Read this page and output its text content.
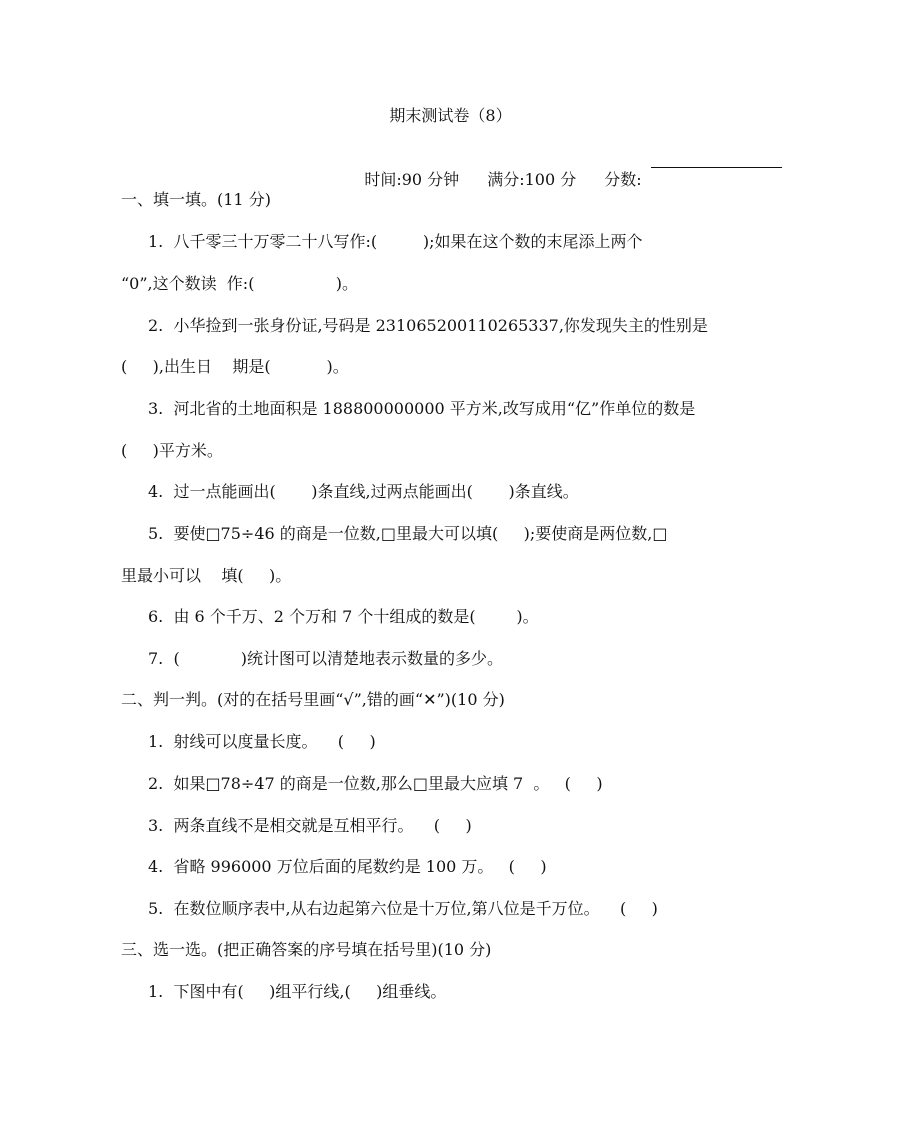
期末测试卷（8）

时间:90 分钟 满分:100 分 分数:

一、填一填。(11 分)
1.  八千零三十万零二十八写作:(         );如果在这个数的末尾添上两个
“0”,这个数读  作:(                )。
2.  小华捡到一张身份证,号码是 231065200110265337,你发现失主的性别是
(     ),出生日    期是(           )。
3.  河北省的土地面积是 188800000000 平方米,改写成用“亿”作单位的数是
(     )平方米。
4.  过一点能画出(       )条直线,过两点能画出(       )条直线。
5.  要使□75÷46 的商是一位数,□里最大可以填(     );要使商是两位数,□
里最小可以    填(     )。
6.  由 6 个千万、2 个万和 7 个十组成的数是(        )。
7.  (            )统计图可以清楚地表示数量的多少。
二、判一判。(对的在括号里画“√”,错的画“✕”)(10 分)
1.  射线可以度量长度。    (     )
2.  如果□78÷47 的商是一位数,那么□里最大应填 7  。   (     )
3.  两条直线不是相交就是互相平行。    (     )
4.  省略 996000 万位后面的尾数约是 100 万。   (     )
5.  在数位顺序表中,从右边起第六位是十万位,第八位是千万位。    (     )
三、选一选。(把正确答案的序号填在括号里)(10 分)
1.  下图中有(     )组平行线,(     )组垂线。
